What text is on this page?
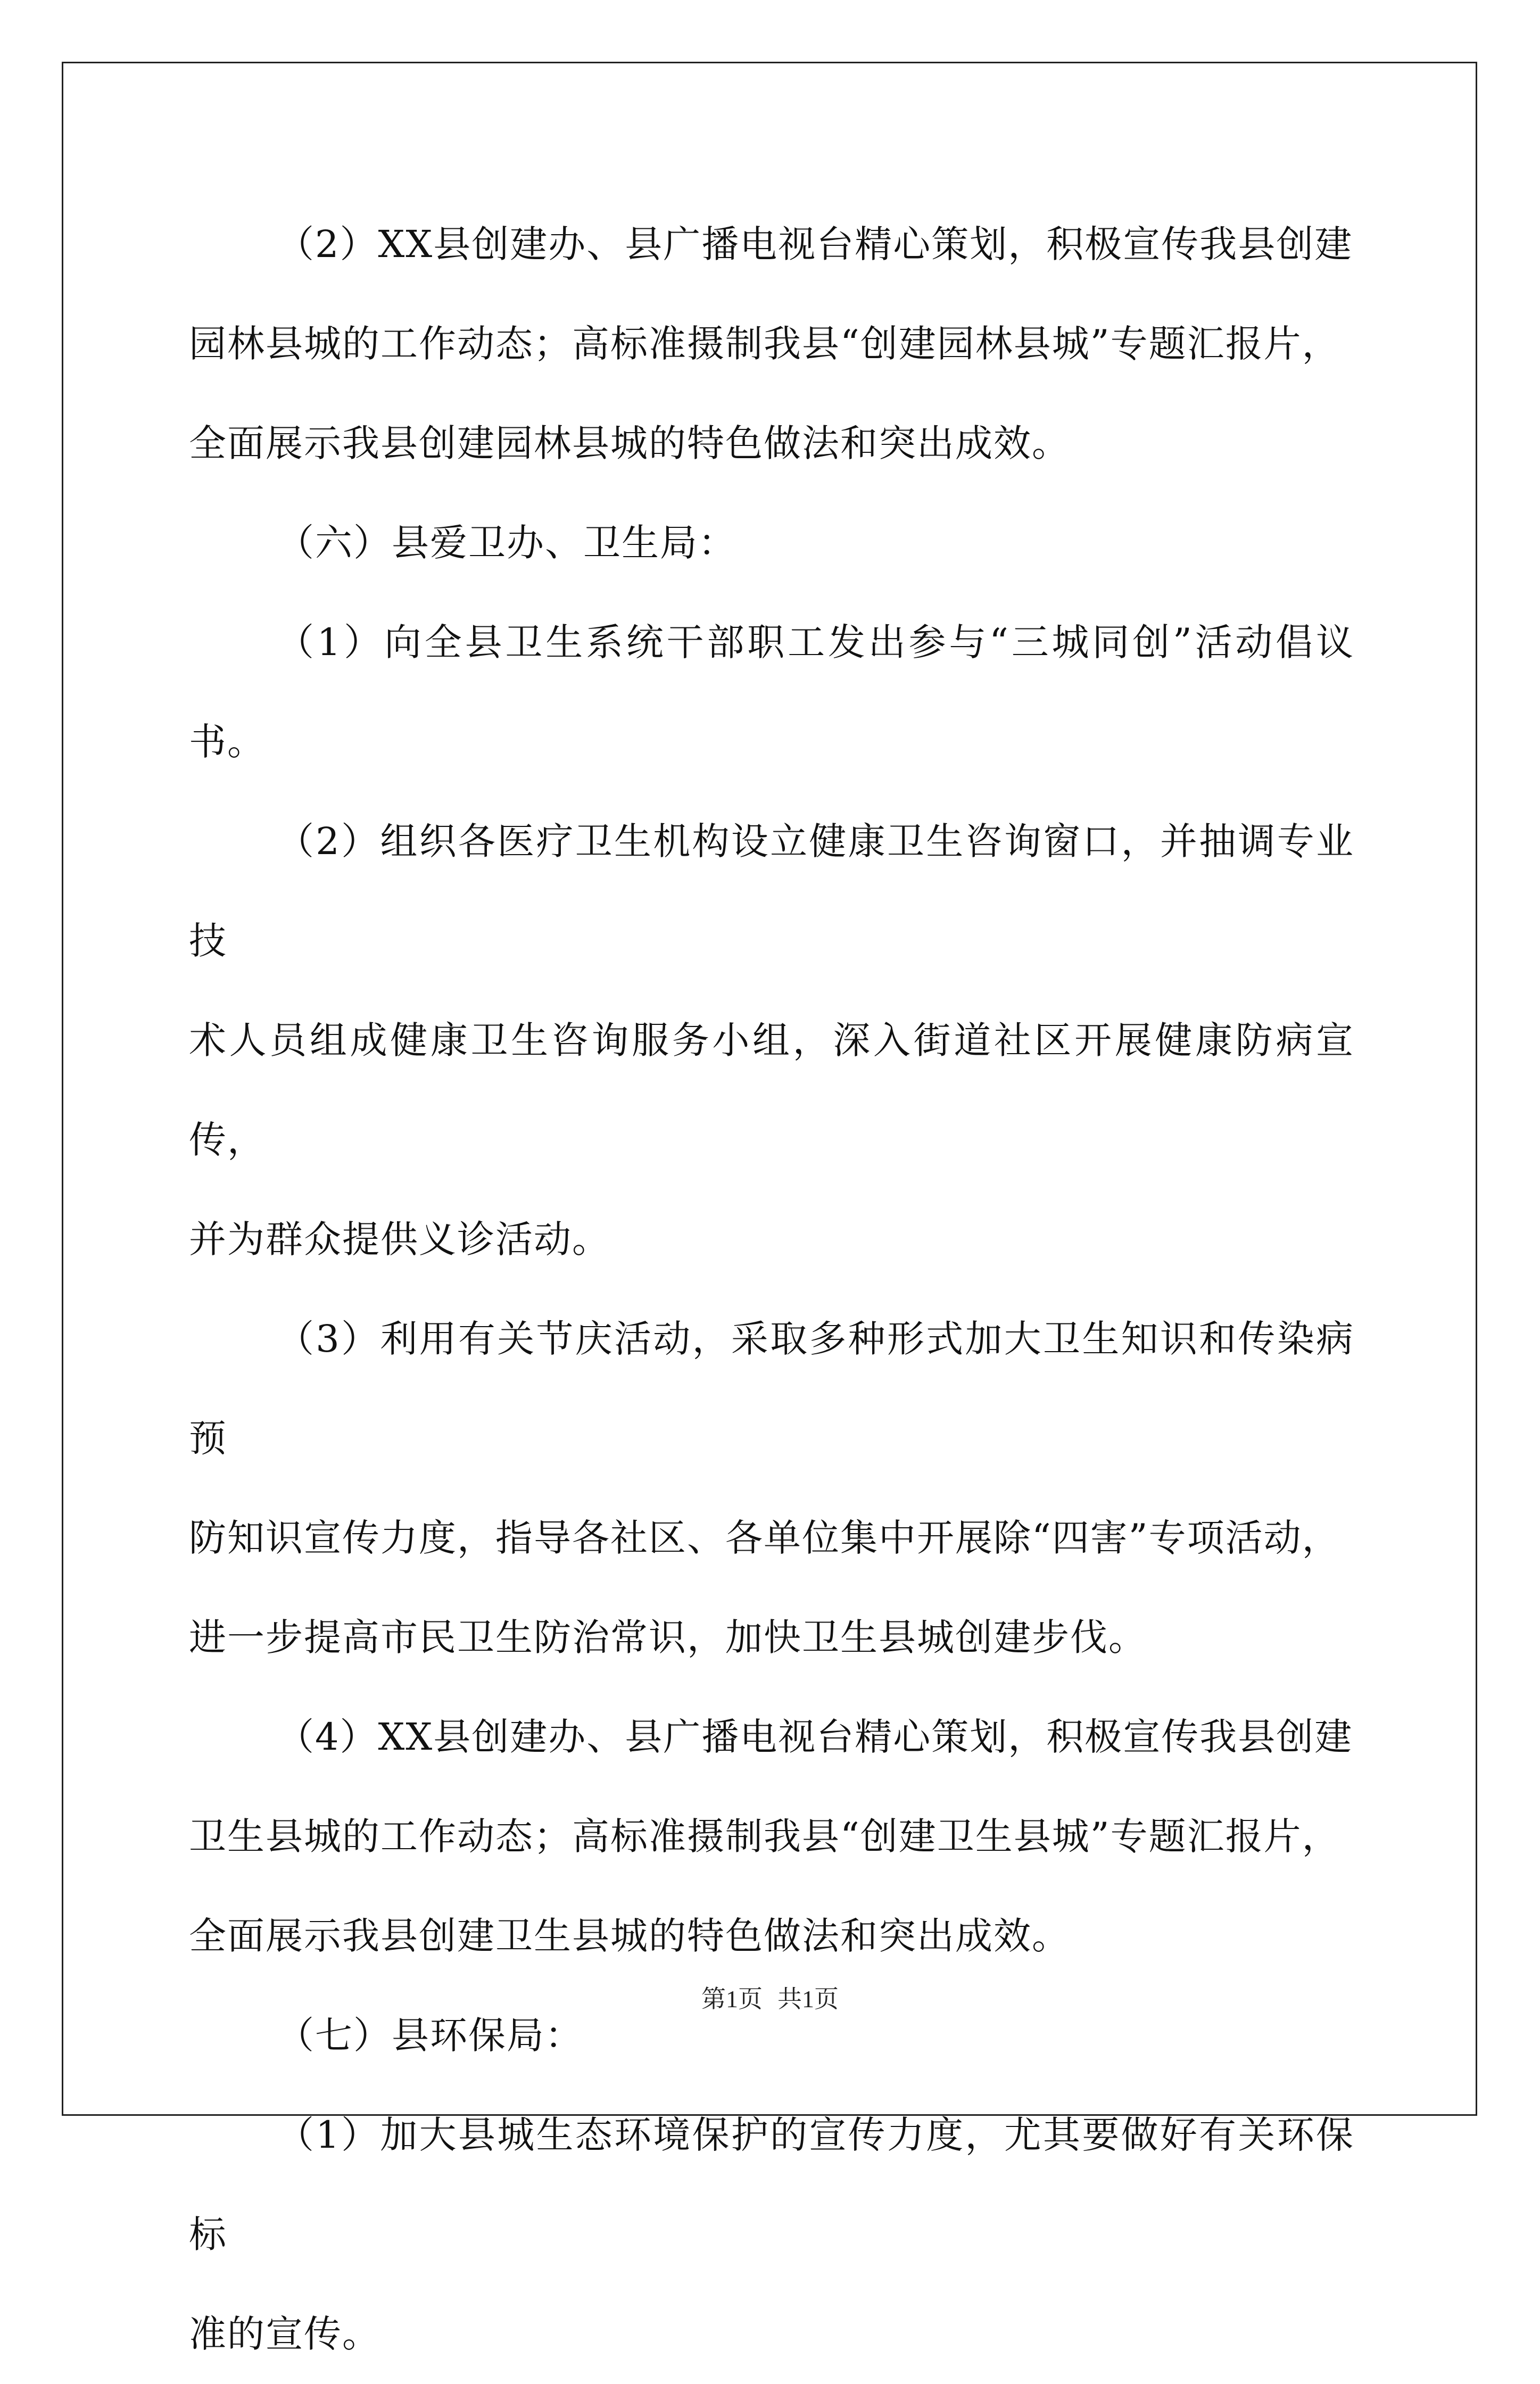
（2）XX县创建办、县广播电视台精心策划，积极宣传我县创建
园林县城的工作动态；高标准摄制我县“创建园林县城”专题汇报片，
全面展示我县创建园林县城的特色做法和突出成效。

（六）县爱卫办、卫生局：

（1）向全县卫生系统干部职工发出参与“三城同创”活动倡议书。

（2）组织各医疗卫生机构设立健康卫生咨询窗口，并抽调专业技
术人员组成健康卫生咨询服务小组，深入街道社区开展健康防病宣传，
并为群众提供义诊活动。

（3）利用有关节庆活动，采取多种形式加大卫生知识和传染病预
防知识宣传力度，指导各社区、各单位集中开展除“四害”专项活动，
进一步提高市民卫生防治常识，加快卫生县城创建步伐。

（4）XX县创建办、县广播电视台精心策划，积极宣传我县创建
卫生县城的工作动态；高标准摄制我县“创建卫生县城”专题汇报片，
全面展示我县创建卫生县城的特色做法和突出成效。

（七）县环保局：

（1）加大县城生态环境保护的宣传力度，尤其要做好有关环保标
准的宣传。

第1页 共1页
